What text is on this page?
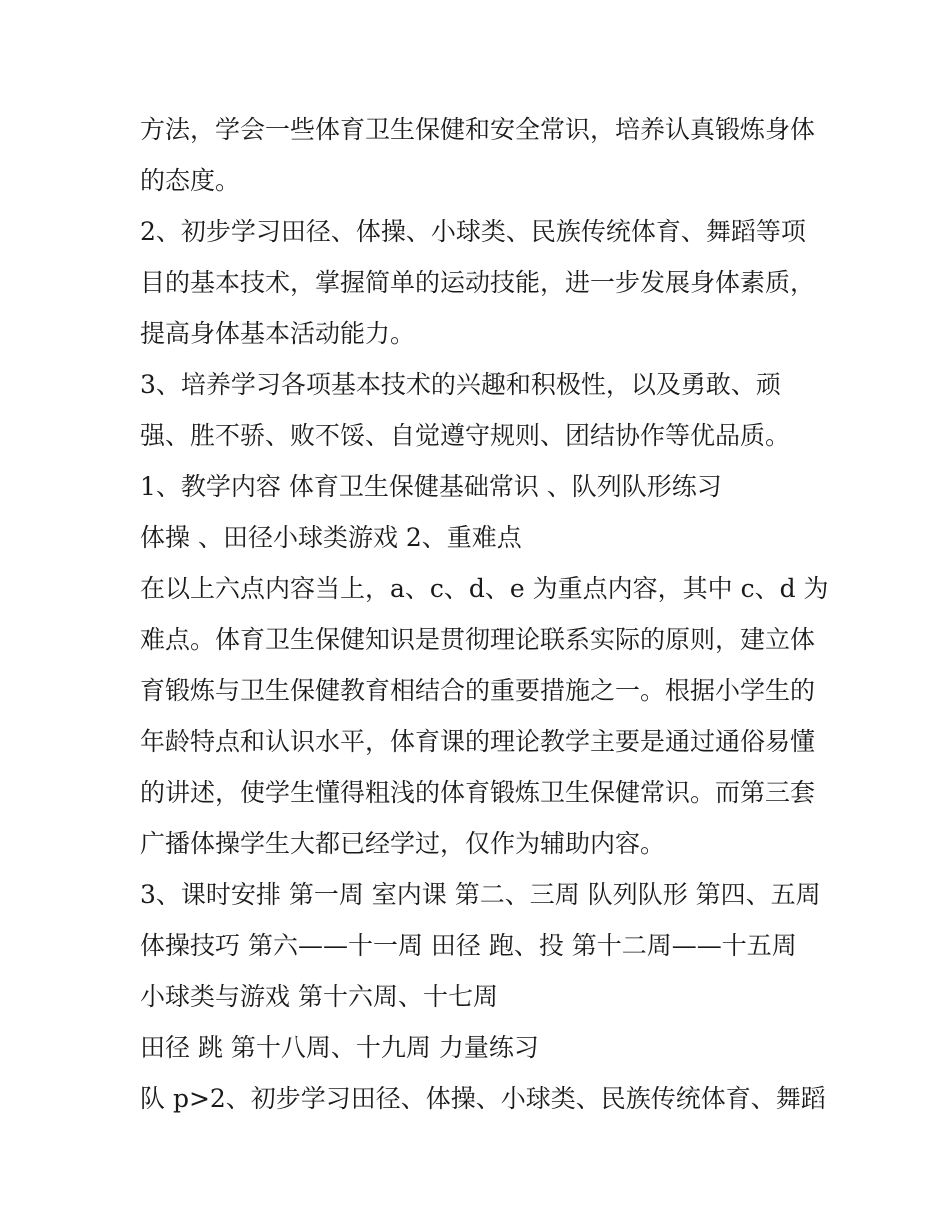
方法，学会一些体育卫生保健和安全常识，培养认真锻炼身体
的态度。
2、初步学习田径、体操、小球类、民族传统体育、舞蹈等项
目的基本技术，掌握简单的运动技能，进一步发展身体素质，
提高身体基本活动能力。
3、培养学习各项基本技术的兴趣和积极性，以及勇敢、顽
强、胜不骄、败不馁、自觉遵守规则、团结协作等优品质。
1、教学内容 体育卫生保健基础常识 、队列队形练习
体操 、田径小球类游戏 2、重难点
在以上六点内容当上，a、c、d、e 为重点内容，其中 c、d 为
难点。体育卫生保健知识是贯彻理论联系实际的原则，建立体
育锻炼与卫生保健教育相结合的重要措施之一。根据小学生的
年龄特点和认识水平，体育课的理论教学主要是通过通俗易懂
的讲述，使学生懂得粗浅的体育锻炼卫生保健常识。而第三套
广播体操学生大都已经学过，仅作为辅助内容。
3、课时安排 第一周 室内课 第二、三周 队列队形 第四、五周
体操技巧 第六——十一周 田径 跑、投 第十二周——十五周
小球类与游戏 第十六周、十七周
田径 跳 第十八周、十九周 力量练习
队 p>2、初步学习田径、体操、小球类、民族传统体育、舞蹈
